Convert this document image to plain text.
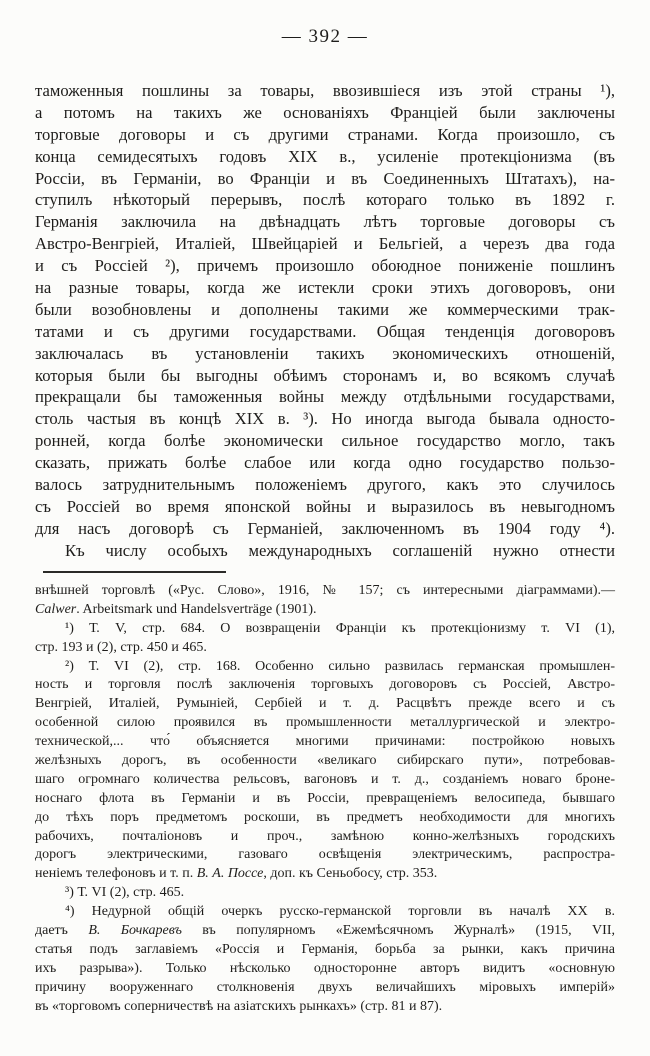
— 392 —
таможенныя пошлины за товары, ввозившіеся изъ этой страны ¹),
а потомъ на такихъ же основаніяхъ Франціей были заключены
торговые договоры и съ другими странами. Когда произошло, съ
конца семидесятыхъ годовъ XIX в., усиленіе протекціонизма (въ
Россіи, въ Германіи, во Франціи и въ Соединенныхъ Штатахъ), на-
ступилъ нѣкоторый перерывъ, послѣ котораго только въ 1892 г.
Германія заключила на двѣнадцать лѣтъ торговые договоры съ
Австро-Венгріей, Италіей, Швейцаріей и Бельгіей, а черезъ два года
и съ Россіей ²), причемъ произошло обоюдное пониженіе пошлинъ
на разные товары, когда же истекли сроки этихъ договоровъ, они
были возобновлены и дополнены такими же коммерческими трак-
татами и съ другими государствами. Общая тенденція договоровъ
заключалась въ установленіи такихъ экономическихъ отношеній,
которыя были бы выгодны обѣимъ сторонамъ и, во всякомъ случаѣ
прекращали бы таможенныя войны между отдѣльными государствами,
столь частыя въ концѣ XIX в. ³). Но иногда выгода бывала односто-
ронней, когда болѣе экономически сильное государство могло, такъ
сказать, прижать болѣе слабое или когда одно государство пользо-
валось затруднительнымъ положеніемъ другого, какъ это случилось
съ Россіей во время японской войны и выразилось въ невыгодномъ
для насъ договорѣ съ Германіей, заключенномъ въ 1904 году ⁴).
Къ числу особыхъ международныхъ соглашеній нужно отнести
внѣшней торговлѣ («Рус. Слово», 1916, № 157; съ интересными діаграммами).—
Calwer. Arbeitsmark und Handelsverträge (1901).
¹) Т. V, стр. 684. О возвращеніи Франціи къ протекціонизму т. VI (1),
стр. 193 и (2), стр. 450 и 465.
²) Т. VI (2), стр. 168. Особенно сильно развилась германская промышлен-
ность и торговля послѣ заключенія торговыхъ договоровъ съ Россіей, Австро-
Венгріей, Италіей, Румыніей, Сербіей и т. д. Расцвѣтъ прежде всего и съ
особенной силою проявился въ промышленности металлургической и электро-
технической,... что́ объясняется многими причинами: постройкою новыхъ
желѣзныхъ дорогъ, въ особенности «великаго сибирскаго пути», потребовав-
шаго огромнаго количества рельсовъ, вагоновъ и т. д., созданіемъ новаго броне-
носнаго флота въ Германіи и въ Россіи, превращеніемъ велосипеда, бывшаго
до тѣхъ поръ предметомъ роскоши, въ предметъ необходимости для многихъ
рабочихъ, почталіоновъ и проч., замѣною конно-желѣзныхъ городскихъ
дорогъ электрическими, газоваго освѣщенія электрическимъ, распростра-
неніемъ телефоновъ и т. п. В. А. Поссе, доп. къ Сеньобосу, стр. 353.
³) Т. VI (2), стр. 465.
⁴) Недурной общій очеркъ русско-германской торговли въ началѣ XX в.
даетъ В. Бочкаревъ въ популярномъ «Ежемѣсячномъ Журналѣ» (1915, VII,
статья подъ заглавіемъ «Россія и Германія, борьба за рынки, какъ причина
ихъ разрыва»). Только нѣсколько односторонне авторъ видитъ «основную
причину вооруженнаго столкновенія двухъ величайшихъ міровыхъ имперій»
въ «торговомъ соперничествѣ на азіатскихъ рынкахъ» (стр. 81 и 87).
